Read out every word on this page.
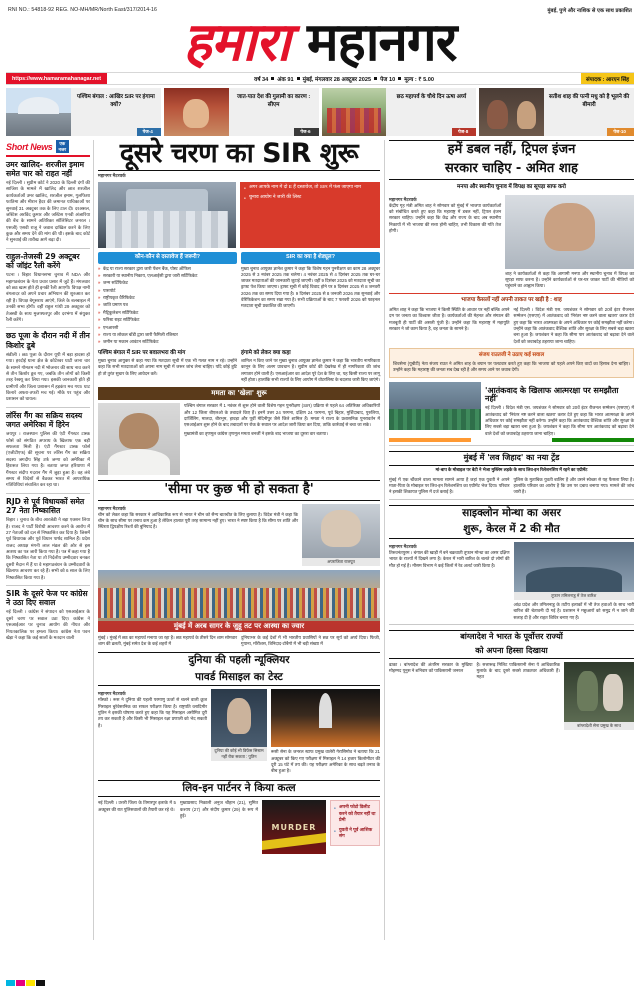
RNI NO.: 54818-92 REG. NO-MH/MR/North East/317/2014-16	मुंबई, पुणे और नाशिक से एक साथ प्रकाशित
हमारा महानगर
https://www.hamaramahanagar.net	वर्ष 34 अंक 91 मुंबई, मंगलवार 28 अक्टूबर 2025 पेज 10 मूल्य : ₹ 5.00	संपादक : आरएन सिंह
पश्चिम बंगाल : आखिर SIR पर हंगामा क्यों?
पेज-4
जात-पात देश की गुलामी का कारण : सीएम
पेज-6
छठ महापर्व के चौथे दिन ऊषा अर्घ्य
पेज-8
सतीश शाह की पत्नी मधु को है भूलने की बीमारी
पेज-10
Short News	एक
नजर
उमर खालिद- शरजील इमाम समेत चार को राहत नहीं
नई दिल्ली । सुप्रीम कोर्ट ने 2020 के दिल्ली दंगों की साजिश के मामले में खालिद और छात्र शरजील कार्यकर्ताओं उमर खालिद, शरजील इमाम, गुलफिशा फातिमा और मीरान हैदर की जमानत याचिकाओं पर सुनवाई 31 अक्टूबर तक के लिए टाल दी। दरअसल, जस्टिस अरविंद कुमार और जस्टिस एनवी अंजारिया की बेंच के सामने अतिरिक्त सॉलिसिटर जनरल । एसजी) एसवी राजू ने जवाब दाखिल करने के लिए कुछ और समय देने की मांग की थी। इसके बाद कोर्ट ने सुनवाई की तारीख आगे बढ़ा दी।
राहुल-तेजस्वी 29 अक्टूबर को जॉइंट रैली करेंगे
पटना । बिहार विधानसभा चुनाव में NDA और महागठबंधन के नेता प्रचार प्रसार में जुटे हैं। मंगलवार को छठ खत्म होते ही इनकी रैली आएगी। विपक्ष नामी बंगलादर को अपने प्रचार अभियान की शुरुआत कर रही है। विपक्ष बेगूसराय आएंगे, जिले के बलबाइल में उनकी सभा होगी। वहीं राहुल गांधी 29 अक्टूबर को तेजस्वी के साथ मुजफ्फरपुर और दरभंगा में संयुक्त रैली करेंगे।
छठ पूजा के दौरान नदी में तीन किशोर डूबे
संडीली । छठ पूजा के दौरान यूपी में बड़ा हादसा हो गया। हरदोई थाना क्षेत्र के कोटेश्वर घाटी जाना चार के सामने गोमतम नदी में भोजनार की साथ नाव करने से तीन किशोर डूब गए, जबकि तीन लोगों को किसी तरह रेस्क्यू कर लिया गया। इसकी जानकारी होते ही ग्रामीणों और जिला प्रशासन में हड़कंप मच गया। घाट किनारे अफरा-तफरी मच गई। मौके पर पहुंच और प्रशासन को घायल।
लॉरेंस गैंग का सक्रिय सदस्य जगत अमेरिका में हिरेन
जयपुर । राजस्थान पुलिस की एंटी गैंगस्टर टास्क फोर्स को संगठित अपराध के खिलाफ एक बड़ी सफलता मिली है। एंटी गैंगस्टर टास्क फोर्स (एजीटीएफ) की सूचना पर लॉरेंस गैंग का सक्रिय सदस्य जगदीप सिंह उर्फ जग्गा को अमेरिका में हिरासत लिया गया है। बताया जगत हरियाणा में गैंगस्टर संदीप गदरान गैंग में जुड़ा हुआ है। वह लंबे समय से विदेशों से बैठकर भारत में आपराधिक गतिविधियां संचालित कर रहा था।
RJD से पूर्व विधायकों समेत 27 नेता निष्कासित
बिहार । चुनाव के बीच आरजेडी ने बड़ा एक्शन लिया है। राजद ने पार्टी विरोधी आचरण करने के आरोप में 27 नेताओं को दल से निष्कासित कर दिया है। जिसमें पूर्व विधायक और पूर्व विधान पार्षद शामिल हैं। प्रदेश राजद अध्यक्ष मंगनी लाल मंडल की ओर से इस आशय का पत्र जारी किया गया है। पत्र में कहा गया है कि निष्कासित नेता या तो निर्दलीय उम्मीदवार बनकर दूसरी मैदान में हैं या वे महागठबंधन के उम्मीदवारों के खिलाफ आचरण कर रहे हैं। सभी को 6 साल के लिए निष्कासित किया गया है।
SIR के दूसरे फेज पर कांग्रेस ने उठा दिए सवाल
नई दिल्ली । कांग्रेस ने संपादन को एसआईआर के दूसरे चरण पर सवाल उठा दिए। कांग्रेस ने एसआईआर पर चुनाव आयोग की नीयत और नियतकालिक पर हमला किया। कांग्रेस नेता पवन खेड़ा ने कहा कि कई सालों के मतदान वाली
दूसरे चरण का SIR शुरू
महानगर मैटरवर्क
● अगर आपके नाम में दो E हैं दस्तावेज, तो SIR में फंस जाएगा नाम
● चुनाव आयोग ने जारी की लिस्ट
कौन-कौन से दस्तावेज हैं जरूरी?
» केंद्र या राज्य सरकार द्वारा जारी पेंशन बैंक, पोस्ट ऑफिस
» सरकारी या स्थानीय निकाय, एलआईसी द्वारा जारी सर्टिफिकेट
» जन्म सर्टिफिकेट
» पासपोर्ट
» राष्ट्रीयकृत वैरिफिकेट
» जाति प्रमाण पत्र
» मैट्रिकुलेशन सर्टिफिकेट
» फॉरेस्ट राइट सर्टिफिकेट
» एनआरसी
» राज्य या लोकल बॉडी द्वारा जारी फैमिली रजिस्टर
» जमीन या मकान आवंटन सर्टिफिकेट
SIR का क्या है शेड्यूल?
मुख्य चुनाव आयुक्त ज्ञानेश कुमार ने कहा कि विशेष गहन पुनरीक्षण का काम 28 अक्टूबर 2025 से 3 नवंबर 2025 तक चलेगा। 4 नवंबर 2025 से 4 दिसंबर 2025 तक घर-घर जाकर मतदाताओं की जानकारी जुटाई जाएगी। वहीं 9 दिसंबर 2025 को मतदाता सूची का ड्राफ्ट पेश किया जाएगा। ड्राफ्ट सूची में कोई विवाद होने पर 9 दिसंबर 2025 से 8 जनवरी 2026 तक का समय दिया गया है। 9 दिसंबर 2025 से 8 जनवरी 2026 तक सुनवाई और वेरिफिकेशन का समय रखा गया है। सभी प्रक्रियाओं के बाद 7 फरवरी 2026 को फाइनल मतदाता सूची प्रकाशित की जाएगी।
पश्चिम बंगाल में SIR पर बवालभरा की मांग
मुख्य चुनाव आयुक्त से कहा गया कि मतदाता सूची में एक भी गलत नाम न रहे। उन्होंने कहा कि सभी मतदाताओं को अपना नाम सूची में जरूर जांच लेना चाहिए। यदि कोई त्रुटि हो तो तुरंत सुधार के लिए आवेदन करें।
हंगामे को लेकर क्या कहा
शामिल न किए जाने पर मुख्य चुनाव आयुक्त ज्ञानेश कुमार ने कहा कि भारतीय नागरिकता कानून के लिए अलग प्रावधान है। सुप्रीम कोर्ट की देखरेख में ही नागरिकता की जांच लगातार होने वाली है। एसआईआर का आदेश पूरे देश के लिए था, यह किसी राज्य पर लागू नहीं होता। हालांकि सभी राज्यों के लिए आयोग में वोटरलिस्ट के बदलाव जारी किए जाएंगे।
ममता का 'खेला' शुरू
पश्चिम बंगाल सरकार में 1 नवंबर से शुरू होने वाली विशेष गहन पुनरीक्षण (SIR) प्रक्रिया से पहले 64 अतिरिक्त अधिकारियों और 12 जिला बीएलओ के तबादले किए हैं। इनमें उत्तर 24 परगना, दक्षिण 24 परगना, पूर्व बिहार, मुर्शिदाबाद, पुरुलिया, दार्जिलिंग, मालदा, बीरभूम, हावड़ा और पूर्वी मेदिनीपुर जैसे जिले शामिल हैं। ममता ने राज्य के प्रशासनिक पुनरावर्तन में एसआईआर शुरू होने के बाद तबादलों पर रोक के सवाल पर आदेश जारी किया कर दिया, ताकि कार्रवाई से बचा जा सके।
मुख्यमंत्री का तृणमूल कांग्रेस तृणमूल ममता बनर्जी ने इसके बाद भाजपा का दूसरा वार बताया।
'सीमा पर कुछ भी हो सकता है'
महानगर मैटरवर्क
चीन को लेकर कहा कि सरकार ने आधिकारिक रूप से भारत ने चीन को सैन्य बातचीत के लिए बुलाया है। विदेश मंत्री ने कहा कि चीन के साथ सीमा पर तनाव कम हुआ है लेकिन हालात पूरी तरह सामान्य नहीं हुए। भारत ने स्पष्ट किया है कि सीमा पर शांति और स्थिरता द्विपक्षीय रिश्तों की बुनियाद है।
अपराजिता राजपूत
मुंबई में अरब सागर के जुहू तट पर आस्था का ज्वार
मुंबई । मुंबई में छठ का महापर्व मनाया जा रहा है। छठ महापर्व के तीसरे दिन शाम सोमवार शाम की ढलती, मुंबई समेत देश के कई शहरों में
दुनियाभर के कई देशों में भी भारतीय प्रवासियों ने छठ पर सूर्य को अर्घ्य दिया। फिजी, गुयाना, मॉरीशस, त्रिनिदाद-टोबैगो में भी बड़ी संख्या में
दुनिया की पहली न्यूक्लियर
पावर्ड मिसाइल का टेस्ट
महानगर मैटरवर्क
मॉस्को । रूस ने दुनिया की पहली परमाणु ऊर्जा से चलने वाली क्रूज मिसाइल बुरेवेस्तनिक का सफल परीक्षण किया है। राष्ट्रपति व्लादिमीर पुतिन ने इसकी घोषणा करते हुए कहा कि यह मिसाइल असीमित दूरी तय कर सकती है और किसी भी मिसाइल रक्षा प्रणाली को भेद सकती है।
दुनिया की कोई भी डिफेंस सिस्टम नहीं रोक सकता : पुतिन
रूसी सेना के जनरल स्टाफ प्रमुख वालेरी गेरासिमोव ने बताया कि 21 अक्टूबर को किए गए परीक्षण में मिसाइल ने 14 हजार किलोमीटर की दूरी 15 घंटे में तय की। यह परीक्षण अमेरिका के साथ बढ़ते तनाव के बीच हुआ है।
लिव-इन पार्टनर ने किया कत्ल
नई दिल्ली । उत्तरी जिला के तिमारपुर इलाके में 5 अक्टूबर की रात पुलिसवालों की तैयारी कर रहे थे।
मुख्यप्रसाद निकाली अनुज चौहान (21), सुमित कश्यप (27) और संदीप कुमार (29) के रूप में हुई।
MURDER
● अपनी फोटो डिलीट करने को तैयार नहीं था प्रेमी
● युवती ने पूर्व आशिक संग
हमें डबल नहीं, ट्रिपल इंजन
सरकार चाहिए - अमित शाह
मनपा और स्थानीय चुनाव में विपक्ष का सूपड़ा साफ करो
महानगर मैटरवर्क
केंद्रीय गृह मंत्री अमित शाह ने सोमवार को मुंबई में भाजपा कार्यकर्ताओं को संबोधित करते हुए कहा कि महाराष्ट्र में डबल नहीं, ट्रिपल इंजन सरकार चाहिए। उन्होंने कहा कि केंद्र और राज्य के बाद अब स्थानीय निकायों में भी भाजपा की सत्ता होनी चाहिए, तभी विकास की गति तेज होगी।
शाह ने कार्यकर्ताओं से कहा कि आगामी मनपा और स्थानीय चुनाव में विपक्ष का सूपड़ा साफ करना है। उन्होंने कार्यकर्ताओं से घर-घर जाकर पार्टी की नीतियों को पहुंचाने का आह्वान किया।
भाजपा कैसलों नहीं अपनी ताकत पर खड़ी है : शाह
अमित शाह ने कहा कि भाजपा ने किसी स्थिति के आधार पर नहीं बल्कि अपने दम पर जनता का विश्वास जीता है। कार्यकर्ताओं की मेहनत और संगठन की मजबूती ही पार्टी की असली पूंजी है। उन्होंने कहा कि महाराष्ट्र में महायुति सरकार ने जो काम किया है, वह जनता के सामने है।
नई दिल्ली । विदेश मंत्री एस. जयशंकर ने सोमवार को 20वें इंटर रीजनल सम्मेलन (एसएए) में आतंकवाद को 'निरंतर नष्ट करने वाला खतरा' करार देते हुए कहा कि भारत आत्मरक्षा के अपने अधिकार पर कोई समझौता नहीं करेगा। उन्होंने कहा कि आतंकवाद वैश्विक शांति और सुरक्षा के लिए सबसे बड़ा खतरा बना हुआ है। जयशंकर ने कहा कि सीमा पार आतंकवाद को बढ़ावा देने वाले देशों को जवाबदेह ठहराया जाना चाहिए।
संजय राउतजी ने उठाए कई सवाल
शिवसेना (यूबीटी) नेता संजय राउत ने अमित शाह के बयान पर पलटवार करते हुए कहा कि भाजपा को पहले अपने किए वादों का हिसाब देना चाहिए। उन्होंने कहा कि महाराष्ट्र की जनता सब देख रही है और समय आने पर जवाब देगी।
'आतंकवाद के खिलाफ आत्मरक्षा पर समझौता नहीं'
नई दिल्ली । विदेश मंत्री एस. जयशंकर ने सोमवार को 20वें इंटर रीजनल सम्मेलन (एसएए) में आतंकवाद को 'निरंतर नष्ट करने वाला खतरा' करार देते हुए कहा कि भारत आत्मरक्षा के अपने अधिकार पर कोई समझौता नहीं करेगा। उन्होंने कहा कि आतंकवाद वैश्विक शांति और सुरक्षा के लिए सबसे बड़ा खतरा बना हुआ है। जयशंकर ने कहा कि सीमा पार आतंकवाद को बढ़ावा देने वाले देशों को जवाबदेह ठहराया जाना चाहिए।
मुंबई में 'लव जिहाद' का नया ट्रेंड
मां-बाप के मोबाइल पर बेटी ने भेजा मुस्लिम लड़के के साथ लिव-इन रिलेशनशिप में रहने का एग्रीमेंट
मुंबई में एक चौंकाने वाला मामला सामने आया है जहां एक युवती ने अपने माता-पिता के मोबाइल पर लिव-इन रिलेशनशिप का एग्रीमेंट भेज दिया। परिवार ने इसकी शिकायत पुलिस में दर्ज कराई है।
पुलिस के मुताबिक युवती बालिग है और उसने स्वेच्छा से यह फैसला लिया है। हालांकि परिवार का आरोप है कि उस पर दबाव बनाया गया। मामले की जांच जारी है।
साइक्लोन मोन्था का असर
शुरू, केरल में 2 की मौत
महानगर मैटरवर्क
तिरुवनंतपुरम । बंगाल की खाड़ी में बने चक्रवाती तूफान मोन्था का असर दक्षिण भारत के राज्यों में दिखने लगा है। केरल में भारी बारिश के चलते दो लोगों की मौत हो गई है। मौसम विभाग ने कई जिलों में रेड अलर्ट जारी किया है।
तूफान तमिलनाडु में तेज बारिश
आंध्र प्रदेश और तमिलनाडु के तटीय इलाकों में भी तेज हवाओं के साथ भारी बारिश की चेतावनी दी गई है। प्रशासन ने मछुआरों को समुद्र में न जाने की सलाह दी है और राहत शिविर बनाए गए हैं।
बांग्लादेश ने भारत के पूर्वोत्तर राज्यों
को अपना हिस्सा दिखाया
ढाका । बांग्लादेश की अंतरिम सरकार के मुखिया मोहम्मद यूनुस ने शनिवार को पाकिस्तानी जनरल
है। सत्तारूढ़ मिलिट पाकिस्तानी सेना ये आधिकारिक मुलाके के बाद दूसरे सबसे ताकतवर अधिकारी हैं। महत
बांग्लादेशी सेना प्रमुख के साथ
